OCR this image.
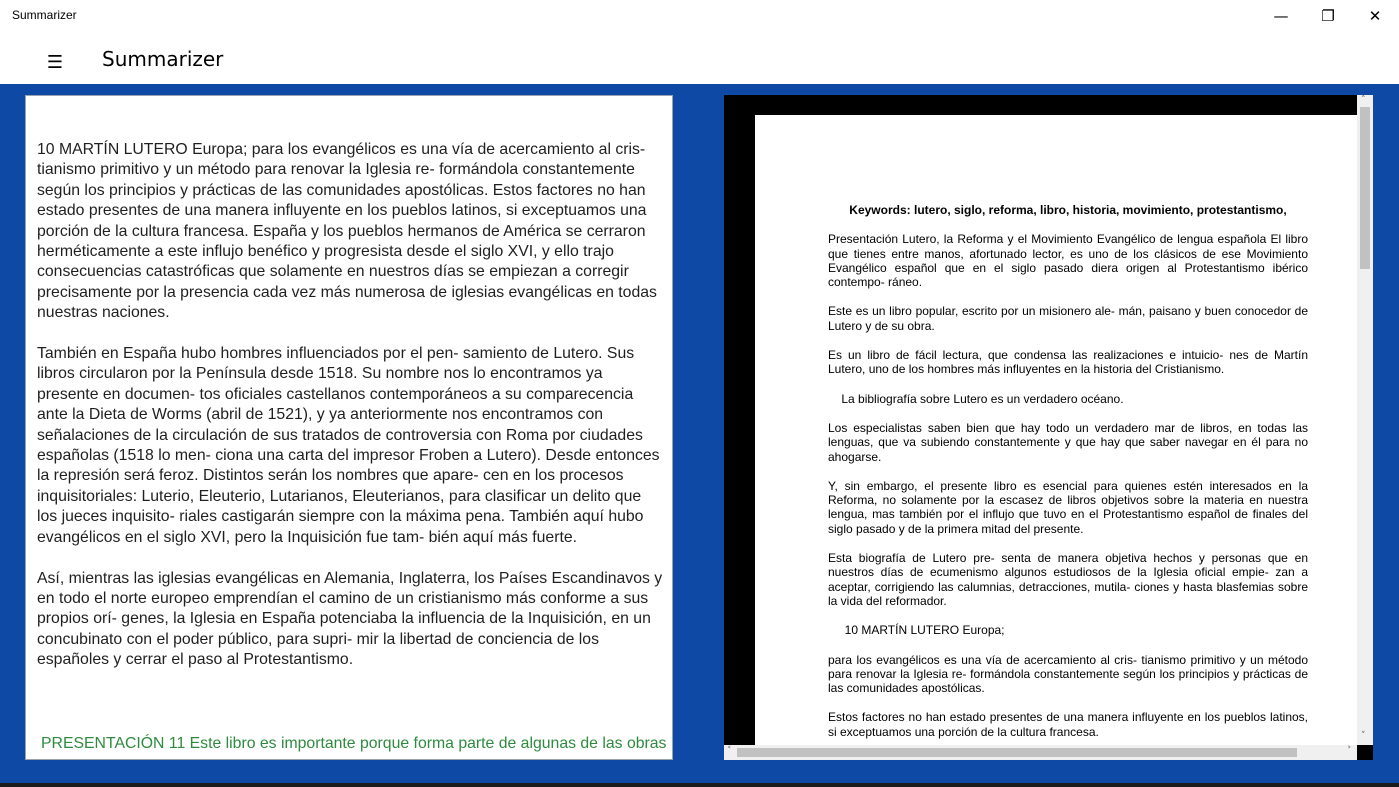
Summarizer	—	❐	✕
☰ Summarizer

10 MARTÍN LUTERO Europa; para los evangélicos es una vía de acercamiento al cris- tianismo primitivo y un método para renovar la Iglesia re- formándola constantemente según los principios y prácticas de las comunidades apostólicas. Estos factores no han estado presentes de una manera influyente en los pueblos latinos, si exceptuamos una porción de la cultura francesa. España y los pueblos hermanos de América se cerraron herméticamente a este influjo benéfico y progresista desde el siglo XVI, y ello trajo consecuencias catastróficas que solamente en nuestros días se empiezan a corregir precisamente por la presencia cada vez más numerosa de iglesias evangélicas en todas nuestras naciones.

También en España hubo hombres influenciados por el pen- samiento de Lutero. Sus libros circularon por la Península desde 1518. Su nombre nos lo encontramos ya presente en documen- tos oficiales castellanos contemporáneos a su comparecencia ante la Dieta de Worms (abril de 1521), y ya anteriormente nos encontramos con señalaciones de la circulación de sus tratados de controversia con Roma por ciudades españolas (1518 lo men- ciona una carta del impresor Froben a Lutero). Desde entonces la represión será feroz. Distintos serán los nombres que apare- cen en los procesos inquisitoriales: Luterio, Eleuterio, Lutarianos, Eleuterianos, para clasificar un delito que los jueces inquisito- riales castigarán siempre con la máxima pena. También aquí hubo evangélicos en el siglo XVI, pero la Inquisición fue tam- bién aquí más fuerte.

Así, mientras las iglesias evangélicas en Alemania, Inglaterra, los Países Escandinavos y en todo el norte europeo emprendían el camino de un cristianismo más conforme a sus propios orí- genes, la Iglesia en España potenciaba la influencia de la Inquisición, en un concubinato con el poder público, para supri- mir la libertad de conciencia de los españoles y cerrar el paso al Protestantismo.

PRESENTACIÓN 11 Este libro es importante porque forma parte de algunas de las obras

Keywords: lutero, siglo, reforma, libro, historia, movimiento, protestantismo,

Presentación Lutero, la Reforma y el Movimiento Evangélico de lengua española El libro que tienes entre manos, afortunado lector, es uno de los clásicos de ese Movimiento Evangélico español que en el siglo pasado diera origen al Protestantismo ibérico contempo- ráneo.

Este es un libro popular, escrito por un misionero ale- mán, paisano y buen conocedor de Lutero y de su obra.

Es un libro de fácil lectura, que condensa las realizaciones e intuicio- nes de Martín Lutero, uno de los hombres más influyentes en la historia del Cristianismo.

La bibliografía sobre Lutero es un verdadero océano.

Los especialistas saben bien que hay todo un verdadero mar de libros, en todas las lenguas, que va subiendo constantemente y que hay que saber navegar en él para no ahogarse.

Y, sin embargo, el presente libro es esencial para quienes estén interesados en la Reforma, no solamente por la escasez de libros objetivos sobre la materia en nuestra lengua, mas también por el influjo que tuvo en el Protestantismo español de finales del siglo pasado y de la primera mitad del presente.

Esta biografía de Lutero pre- senta de manera objetiva hechos y personas que en nuestros días de ecumenismo algunos estudiosos de la Iglesia oficial empie- zan a aceptar, corrigiendo las calumnias, detracciones, mutila- ciones y hasta blasfemias sobre la vida del reformador.

10 MARTÍN LUTERO Europa;

para los evangélicos es una vía de acercamiento al cris- tianismo primitivo y un método para renovar la Iglesia re- formándola constantemente según los principios y prácticas de las comunidades apostólicas.

Estos factores no han estado presentes de una manera influyente en los pueblos latinos, si exceptuamos una porción de la cultura francesa.

˄
˅
˂	˃
